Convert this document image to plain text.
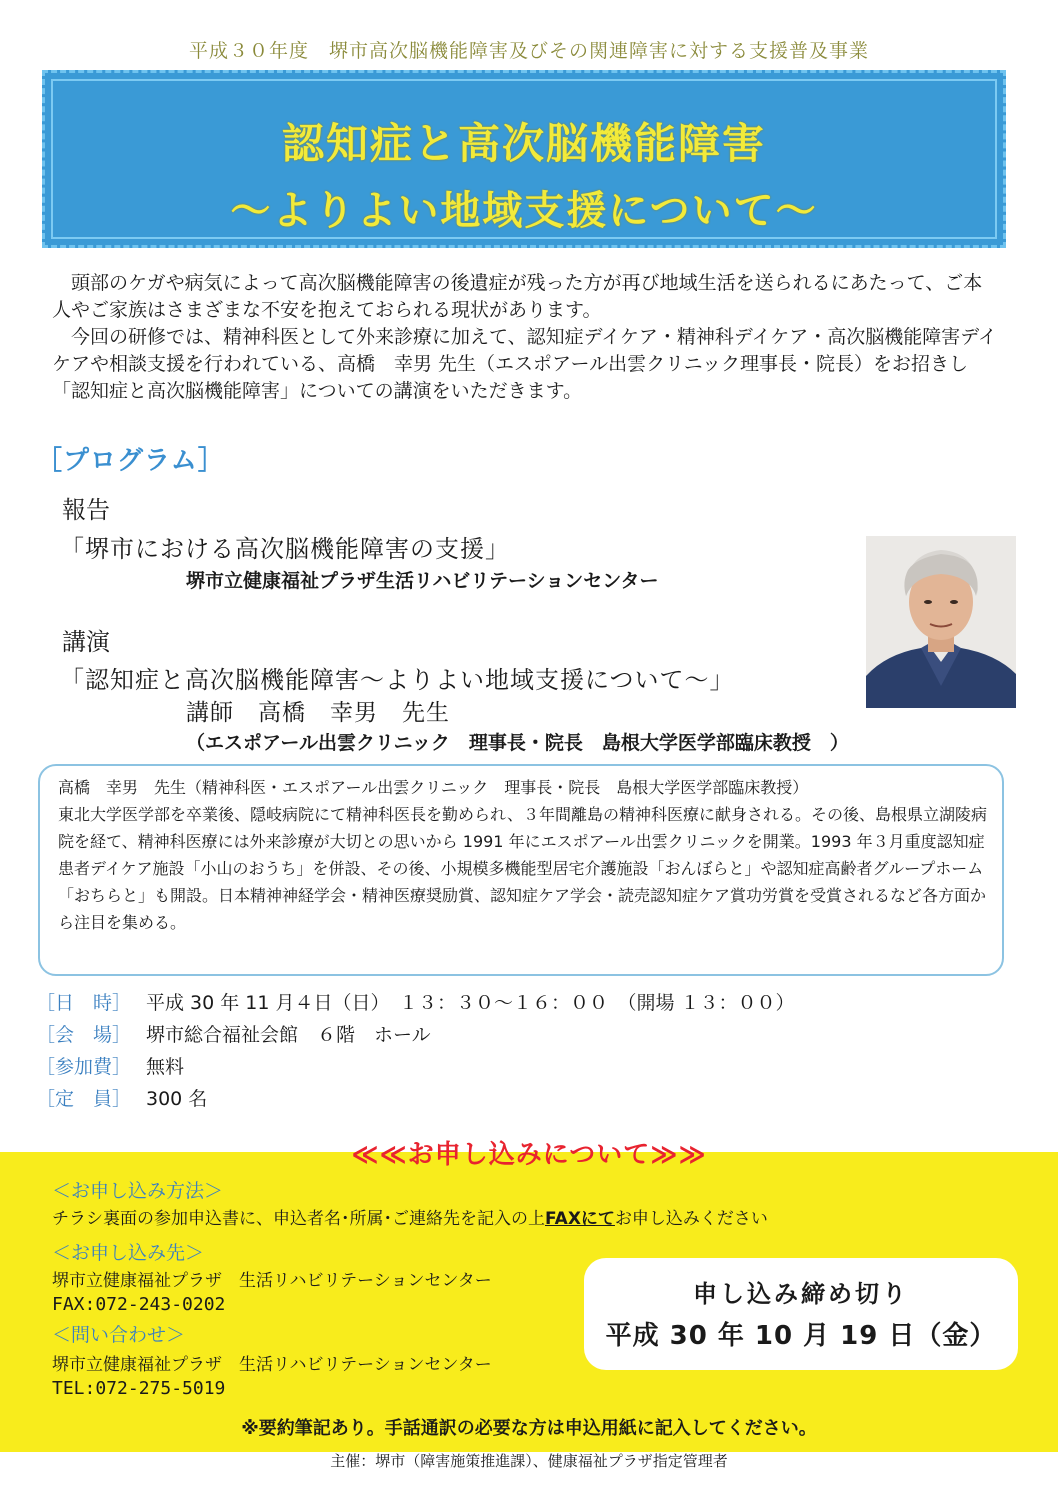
平成３０年度　堺市高次脳機能障害及びその関連障害に対する支援普及事業
認知症と高次脳機能障害
～よりよい地域支援について～

頭部のケガや病気によって高次脳機能障害の後遺症が残った方が再び地域生活を送られるにあたって、ご本人やご家族はさまざまな不安を抱えておられる現状があります。

今回の研修では、精神科医として外来診療に加えて、認知症デイケア・精神科デイケア・高次脳機能障害デイケアや相談支援を行われている、高橋　幸男 先生（エスポアール出雲クリニック理事長・院長）をお招きし「認知症と高次脳機能障害」についての講演をいただきます。

［プログラム］
報告
「堺市における高次脳機能障害の支援」
堺市立健康福祉プラザ生活リハビリテーションセンター
講演
「認知症と高次脳機能障害～よりよい地域支援について～」
講師　高橋　幸男　先生
（エスポアール出雲クリニック　理事長・院長　島根大学医学部臨床教授　）

高橋　幸男　先生（精神科医・エスポアール出雲クリニック　理事長・院長　島根大学医学部臨床教授）

東北大学医学部を卒業後、隠岐病院にて精神科医長を勤められ、３年間離島の精神科医療に献身される。その後、島根県立湖陵病院を経て、精神科医療には外来診療が大切との思いから 1991 年にエスポアール出雲クリニックを開業。1993 年３月重度認知症患者デイケア施設「小山のおうち」を併設、その後、小規模多機能型居宅介護施設「おんぼらと」や認知症高齢者グループホーム「おちらと」も開設。日本精神神経学会・精神医療奨励賞、認知症ケア学会・読売認知症ケア賞功労賞を受賞されるなど各方面から注目を集める。

［日　時］ 平成 30 年 11 月４日（日）　１３：３０～１６：００　（開場 １３：００）
［会　場］ 堺市総合福祉会館　６階　ホール
［参加費］ 無料
［定　員］ 300 名
≪≪お申し込みについて≫≫
＜お申し込み方法＞
チラシ裏面の参加申込書に、申込者名･所属･ご連絡先を記入の上FAXにてお申し込みください
＜お申し込み先＞
堺市立健康福祉プラザ　生活リハビリテーションセンター
FAX:072-243-0202
＜問い合わせ＞
堺市立健康福祉プラザ　生活リハビリテーションセンター
TEL:072-275-5019
申し込み締め切り
平成 30 年 10 月 19 日（金）
※要約筆記あり。手話通訳の必要な方は申込用紙に記入してください。
主催：堺市（障害施策推進課）、健康福祉プラザ指定管理者
